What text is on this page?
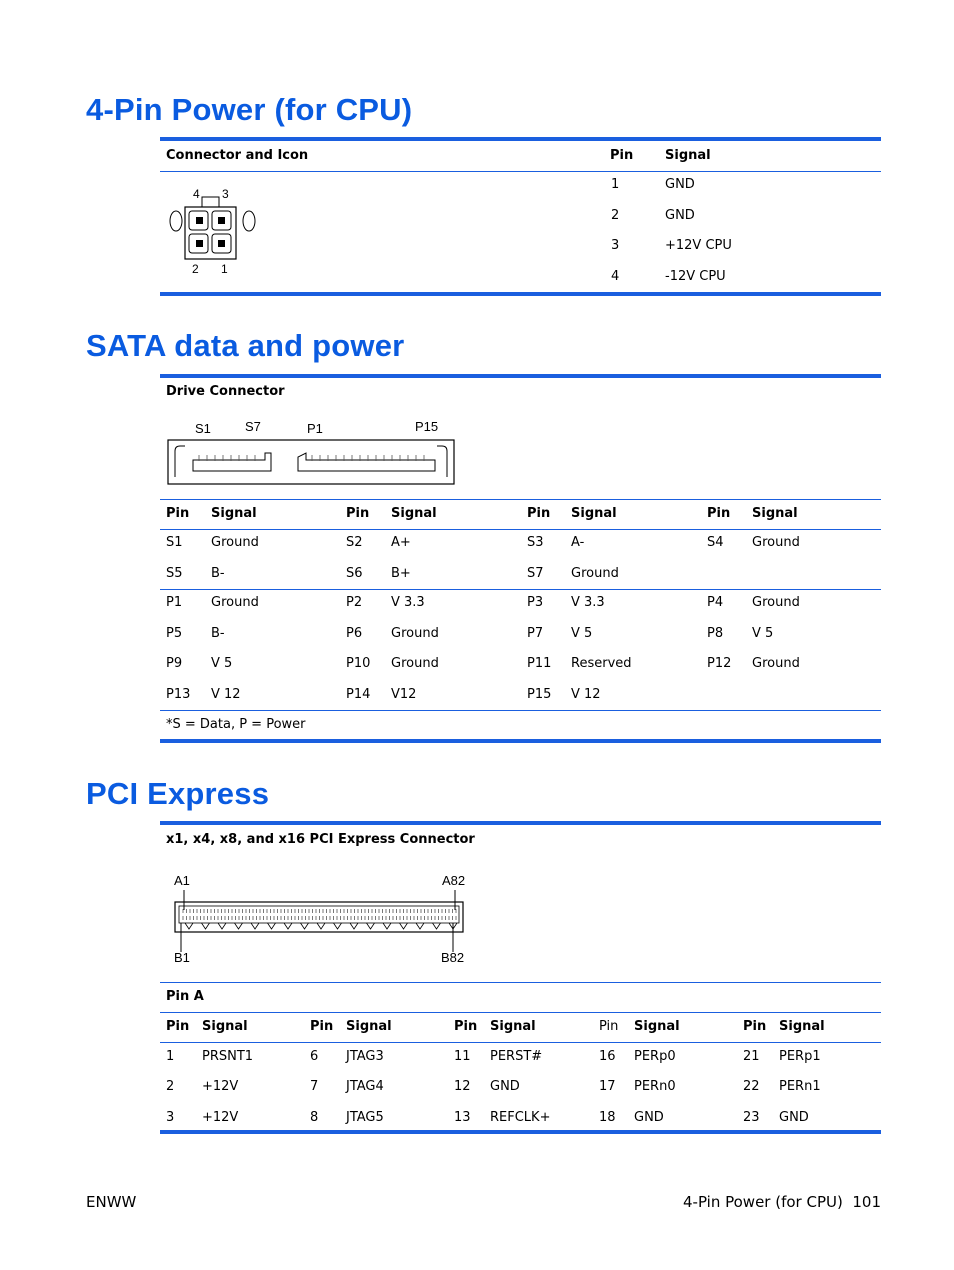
4-Pin Power (for CPU)
Connector and Icon	Pin Signal
4 3
2 1
1	GND
2	GND
3	+12V CPU
4	-12V CPU
SATA data and power
Drive Connector
S1	S7	P1	P15
PCI Express
x1, x4, x8, and x16 PCI Express Connector
A1	A82
B1	B82
Pin A
ENWW	4-Pin Power (for CPU)  101
Pin Signal	Pin Signal	Pin Signal	Pin Signal
S1 Ground	S2 A+	S3 A-	S4 Ground
S5 B-	S6 B+	S7 Ground
P1 Ground	P2 V 3.3	P3 V 3.3	P4 Ground
P5 B-	P6 Ground	P7 V 5	P8 V 5
P9 V 5	P10 Ground	P11 Reserved	P12 Ground
P13 V 12	P14 V12	P15 V 12
*S = Data, P = Power
Pin Signal	Pin Signal	Pin Signal	Pin Signal	Pin Signal
1 PRSNT1	6 JTAG3	11 PERST#	16 PERp0	21 PERp1
2 +12V	7 JTAG4	12 GND	17 PERn0	22 PERn1
3 +12V	8 JTAG5	13 REFCLK+	18 GND	23 GND
